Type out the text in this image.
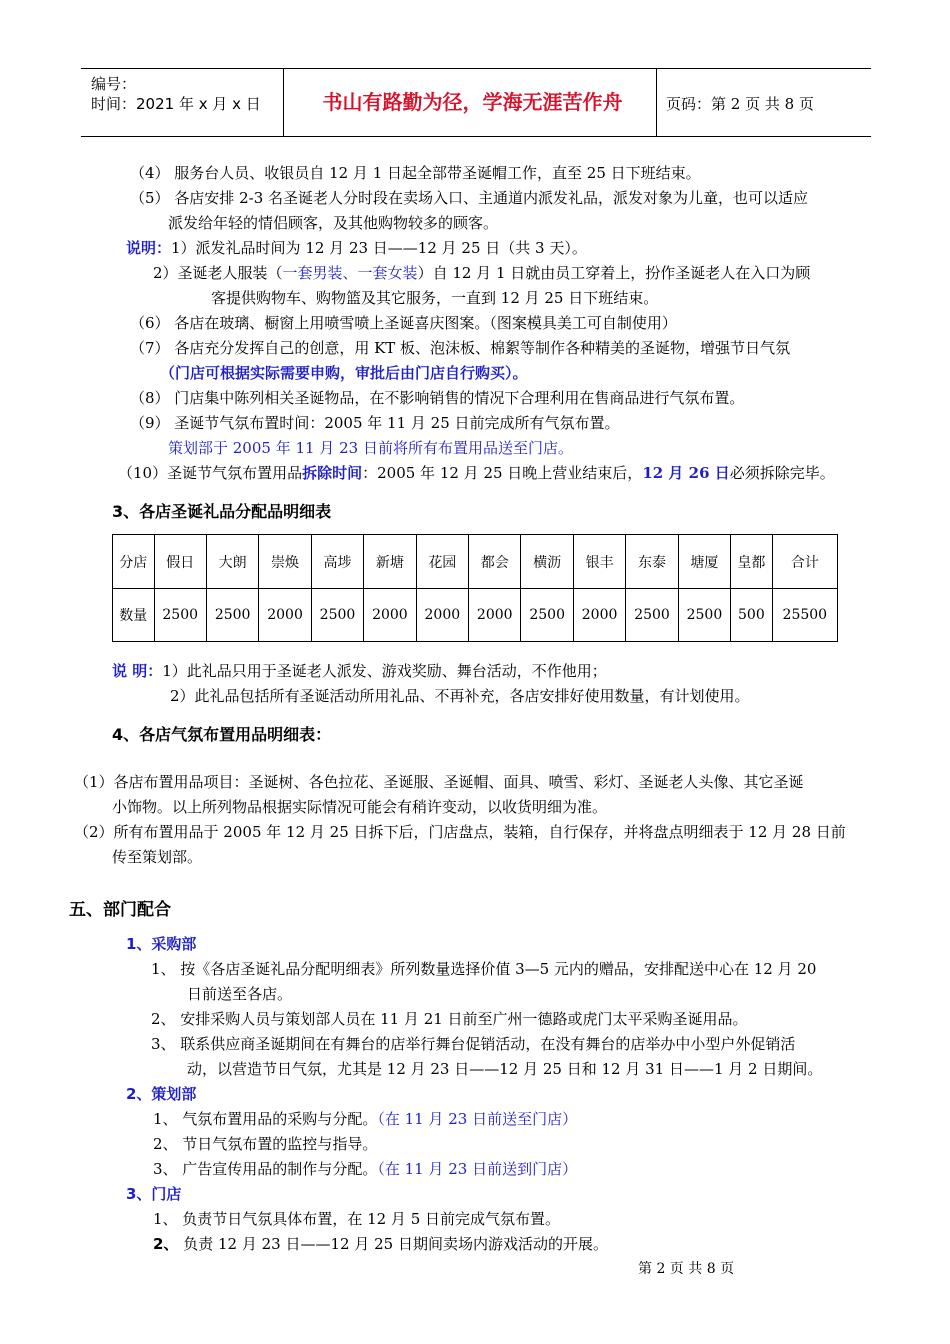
编号：
时间：2021 年 x 月 x 日	书山有路勤为径，学海无涯苦作舟	页码：第 2 页 共 8 页
（4） 服务台人员、收银员自 12 月 1 日起全部带圣诞帽工作，直至 25 日下班结束。
（5） 各店安排 2-3 名圣诞老人分时段在卖场入口、主通道内派发礼品，派发对象为儿童，也可以适应
派发给年轻的情侣顾客，及其他购物较多的顾客。
说明：1）派发礼品时间为 12 月 23 日——12 月 25 日（共 3 天）。
2）圣诞老人服装（一套男装、一套女装）自 12 月 1 日就由员工穿着上，扮作圣诞老人在入口为顾
客提供购物车、购物篮及其它服务，一直到 12 月 25 日下班结束。
（6） 各店在玻璃、橱窗上用喷雪喷上圣诞喜庆图案。（图案模具美工可自制使用）
（7） 各店充分发挥自己的创意，用 KT 板、泡沫板、棉絮等制作各种精美的圣诞物，增强节日气氛
（门店可根据实际需要申购，审批后由门店自行购买）。
（8） 门店集中陈列相关圣诞物品，在不影响销售的情况下合理利用在售商品进行气氛布置。
（9） 圣诞节气氛布置时间：2005 年 11 月 25 日前完成所有气氛布置。
策划部于 2005 年 11 月 23 日前将所有布置用品送至门店。
（10）圣诞节气氛布置用品拆除时间：2005 年 12 月 25 日晚上营业结束后，12 月 26 日必须拆除完毕。
3、各店圣诞礼品分配品明细表
分店	假日	大朗	崇焕	高埗	新塘	花园	都会	横沥	银丰	东泰	塘厦	皇都	合计
数量	2500	2500	2000	2500	2000	2000	2000	2500	2000	2500	2500	500	25500
说 明：1）此礼品只用于圣诞老人派发、游戏奖励、舞台活动，不作他用；
2）此礼品包括所有圣诞活动所用礼品、不再补充，各店安排好使用数量，有计划使用。
4、各店气氛布置用品明细表：
（1）各店布置用品项目：圣诞树、各色拉花、圣诞服、圣诞帽、面具、喷雪、彩灯、圣诞老人头像、其它圣诞
小饰物。以上所列物品根据实际情况可能会有稍许变动，以收货明细为准。
（2）所有布置用品于 2005 年 12 月 25 日拆下后，门店盘点，装箱，自行保存，并将盘点明细表于 12 月 28 日前
传至策划部。
五、部门配合
1、采购部
1、 按《各店圣诞礼品分配明细表》所列数量选择价值 3—5 元内的赠品，安排配送中心在 12 月 20
日前送至各店。
2、 安排采购人员与策划部人员在 11 月 21 日前至广州一德路或虎门太平采购圣诞用品。
3、 联系供应商圣诞期间在有舞台的店举行舞台促销活动，在没有舞台的店举办中小型户外促销活
动，以营造节日气氛，尤其是 12 月 23 日——12 月 25 日和 12 月 31 日——1 月 2 日期间。
2、策划部
1、 气氛布置用品的采购与分配。（在 11 月 23 日前送至门店）
2、 节日气氛布置的监控与指导。
3、 广告宣传用品的制作与分配。（在 11 月 23 日前送到门店）
3、门店
1、 负责节日气氛具体布置，在 12 月 5 日前完成气氛布置。
2、 负责 12 月 23 日——12 月 25 日期间卖场内游戏活动的开展。
第 2 页 共 8 页
